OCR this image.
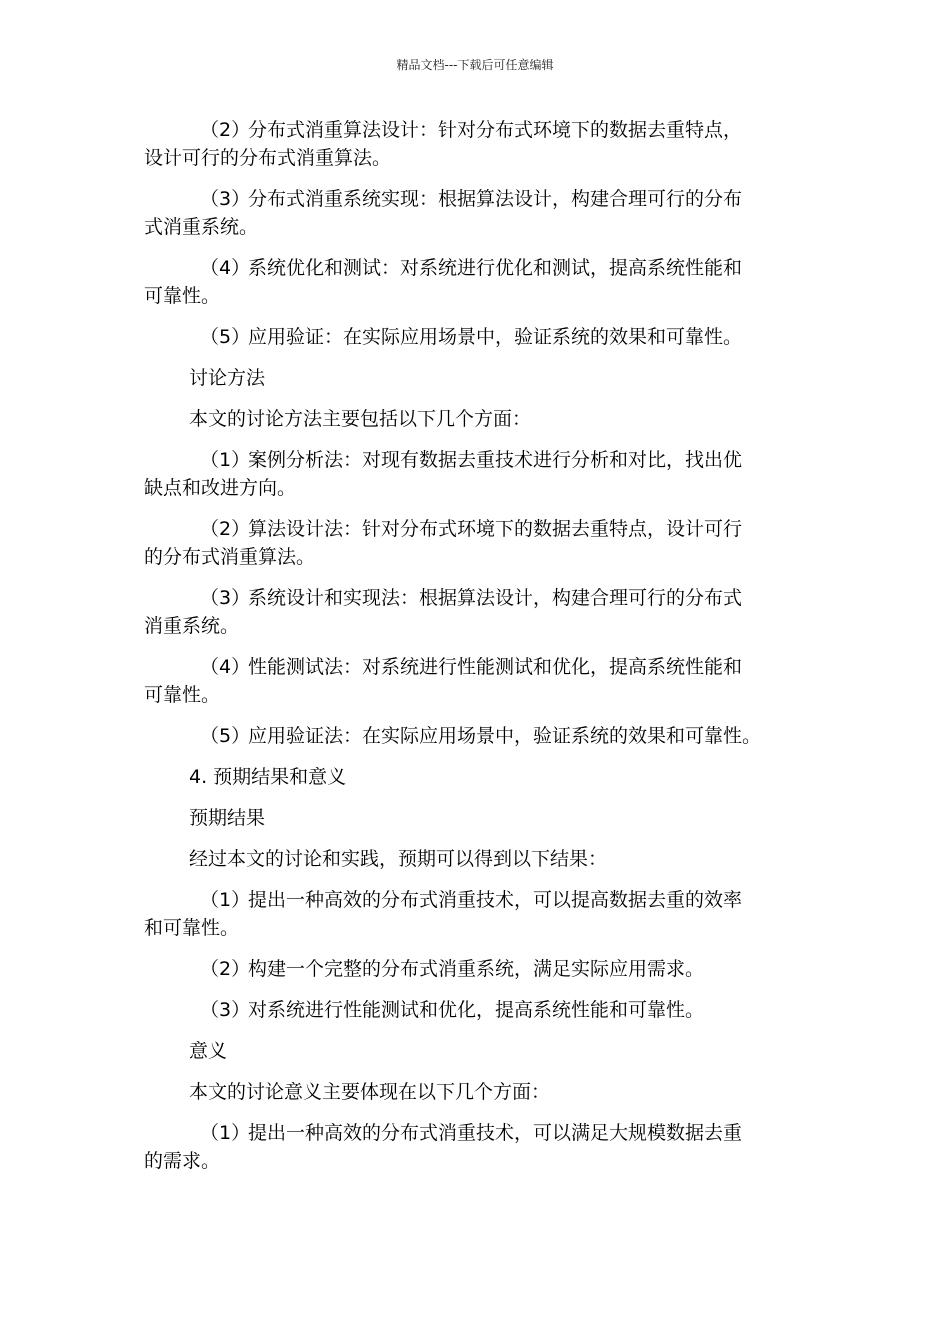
精品文档---下载后可任意编辑
（2）分布式消重算法设计：针对分布式环境下的数据去重特点，
设计可行的分布式消重算法。
（3）分布式消重系统实现：根据算法设计，构建合理可行的分布
式消重系统。
（4）系统优化和测试：对系统进行优化和测试，提高系统性能和
可靠性。
（5）应用验证：在实际应用场景中，验证系统的效果和可靠性。
讨论方法
本文的讨论方法主要包括以下几个方面：
（1）案例分析法：对现有数据去重技术进行分析和对比，找出优
缺点和改进方向。
（2）算法设计法：针对分布式环境下的数据去重特点，设计可行
的分布式消重算法。
（3）系统设计和实现法：根据算法设计，构建合理可行的分布式
消重系统。
（4）性能测试法：对系统进行性能测试和优化，提高系统性能和
可靠性。
（5）应用验证法：在实际应用场景中，验证系统的效果和可靠性。
4. 预期结果和意义
预期结果
经过本文的讨论和实践，预期可以得到以下结果：
（1）提出一种高效的分布式消重技术，可以提高数据去重的效率
和可靠性。
（2）构建一个完整的分布式消重系统，满足实际应用需求。
（3）对系统进行性能测试和优化，提高系统性能和可靠性。
意义
本文的讨论意义主要体现在以下几个方面：
（1）提出一种高效的分布式消重技术，可以满足大规模数据去重
的需求。
